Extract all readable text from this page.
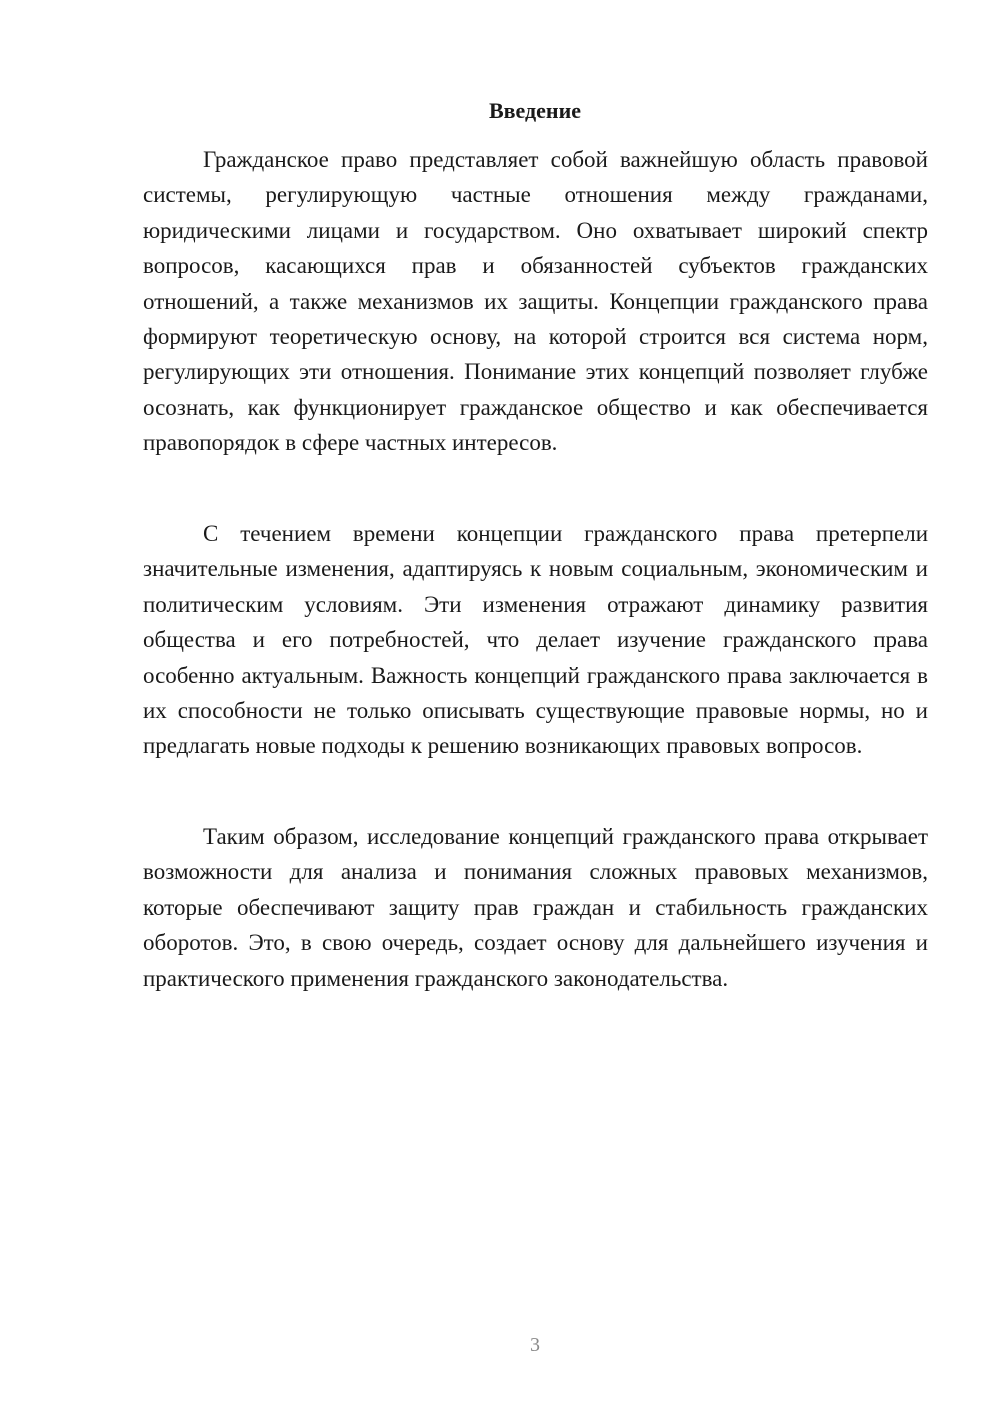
Введение

Гражданское право представляет собой важнейшую область правовой системы, регулирующую частные отношения между гражданами, юридическими лицами и государством. Оно охватывает широкий спектр вопросов, касающихся прав и обязанностей субъектов гражданских отношений, а также механизмов их защиты. Концепции гражданского права формируют теоретическую основу, на которой строится вся система норм, регулирующих эти отношения. Понимание этих концепций позволяет глубже осознать, как функционирует гражданское общество и как обеспечивается правопорядок в сфере частных интересов.

С течением времени концепции гражданского права претерпели значительные изменения, адаптируясь к новым социальным, экономическим и политическим условиям. Эти изменения отражают динамику развития общества и его потребностей, что делает изучение гражданского права особенно актуальным. Важность концепций гражданского права заключается в их способности не только описывать существующие правовые нормы, но и предлагать новые подходы к решению возникающих правовых вопросов.

Таким образом, исследование концепций гражданского права открывает возможности для анализа и понимания сложных правовых механизмов, которые обеспечивают защиту прав граждан и стабильность гражданских оборотов. Это, в свою очередь, создает основу для дальнейшего изучения и практического применения гражданского законодательства.

3
